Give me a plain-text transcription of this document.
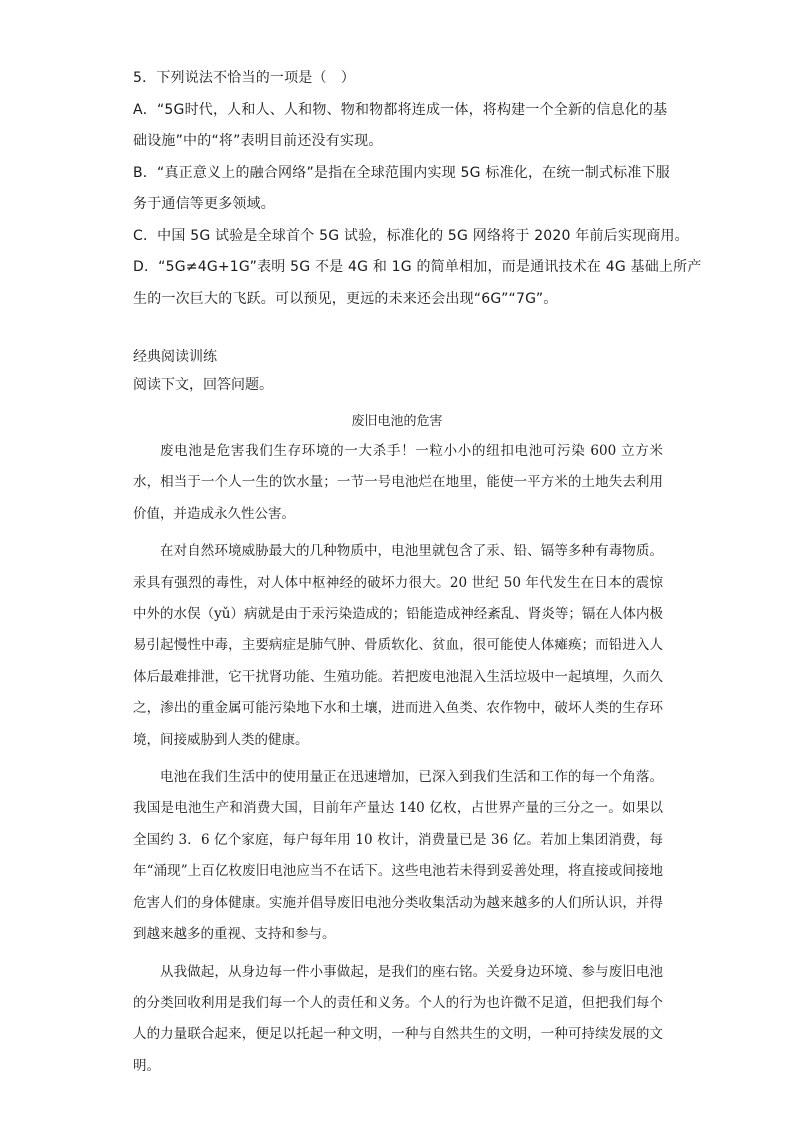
5．下列说法不恰当的一项是（　）

A．“5G时代，人和人、人和物、物和物都将连成一体，将构建一个全新的信息化的基

础设施”中的“将”表明目前还没有实现。

B．“真正意义上的融合网络”是指在全球范围内实现 5G 标准化，在统一制式标准下服

务于通信等更多领域。

C．中国 5G 试验是全球首个 5G 试验，标准化的 5G 网络将于 2020 年前后实现商用。

D．“5G≠4G+1G”表明 5G 不是 4G 和 1G 的简单相加，而是通讯技术在 4G 基础上所产

生的一次巨大的飞跃。可以预见，更远的未来还会出现“6G”“7G”。

经典阅读训练

阅读下文，回答问题。

废旧电池的危害

废电池是危害我们生存环境的一大杀手！一粒小小的纽扣电池可污染 600 立方米水，相当于一个人一生的饮水量；一节一号电池烂在地里，能使一平方米的土地失去利用价值，并造成永久性公害。

在对自然环境威胁最大的几种物质中，电池里就包含了汞、铅、镉等多种有毒物质。汞具有强烈的毒性，对人体中枢神经的破坏力很大。20 世纪 50 年代发生在日本的震惊中外的水俣（yǔ）病就是由于汞污染造成的；铅能造成神经紊乱、肾炎等；镉在人体内极易引起慢性中毒，主要病症是肺气肿、骨质软化、贫血，很可能使人体瘫痪；而铅进入人体后最难排泄，它干扰肾功能、生殖功能。若把废电池混入生活垃圾中一起填埋，久而久之，渗出的重金属可能污染地下水和土壤，进而进入鱼类、农作物中，破坏人类的生存环境，间接威胁到人类的健康。

电池在我们生活中的使用量正在迅速增加，已深入到我们生活和工作的每一个角落。我国是电池生产和消费大国，目前年产量达 140 亿枚，占世界产量的三分之一。如果以全国约 3．6 亿个家庭，每户每年用 10 枚计，消费量已是 36 亿。若加上集团消费，每年“涌现”上百亿枚废旧电池应当不在话下。这些电池若未得到妥善处理，将直接或间接地危害人们的身体健康。实施并倡导废旧电池分类收集活动为越来越多的人们所认识，并得到越来越多的重视、支持和参与。

从我做起，从身边每一件小事做起，是我们的座右铭。关爱身边环境、参与废旧电池的分类回收利用是我们每一个人的责任和义务。个人的行为也许微不足道，但把我们每个人的力量联合起来，便足以托起一种文明，一种与自然共生的文明，一种可持续发展的文明。
